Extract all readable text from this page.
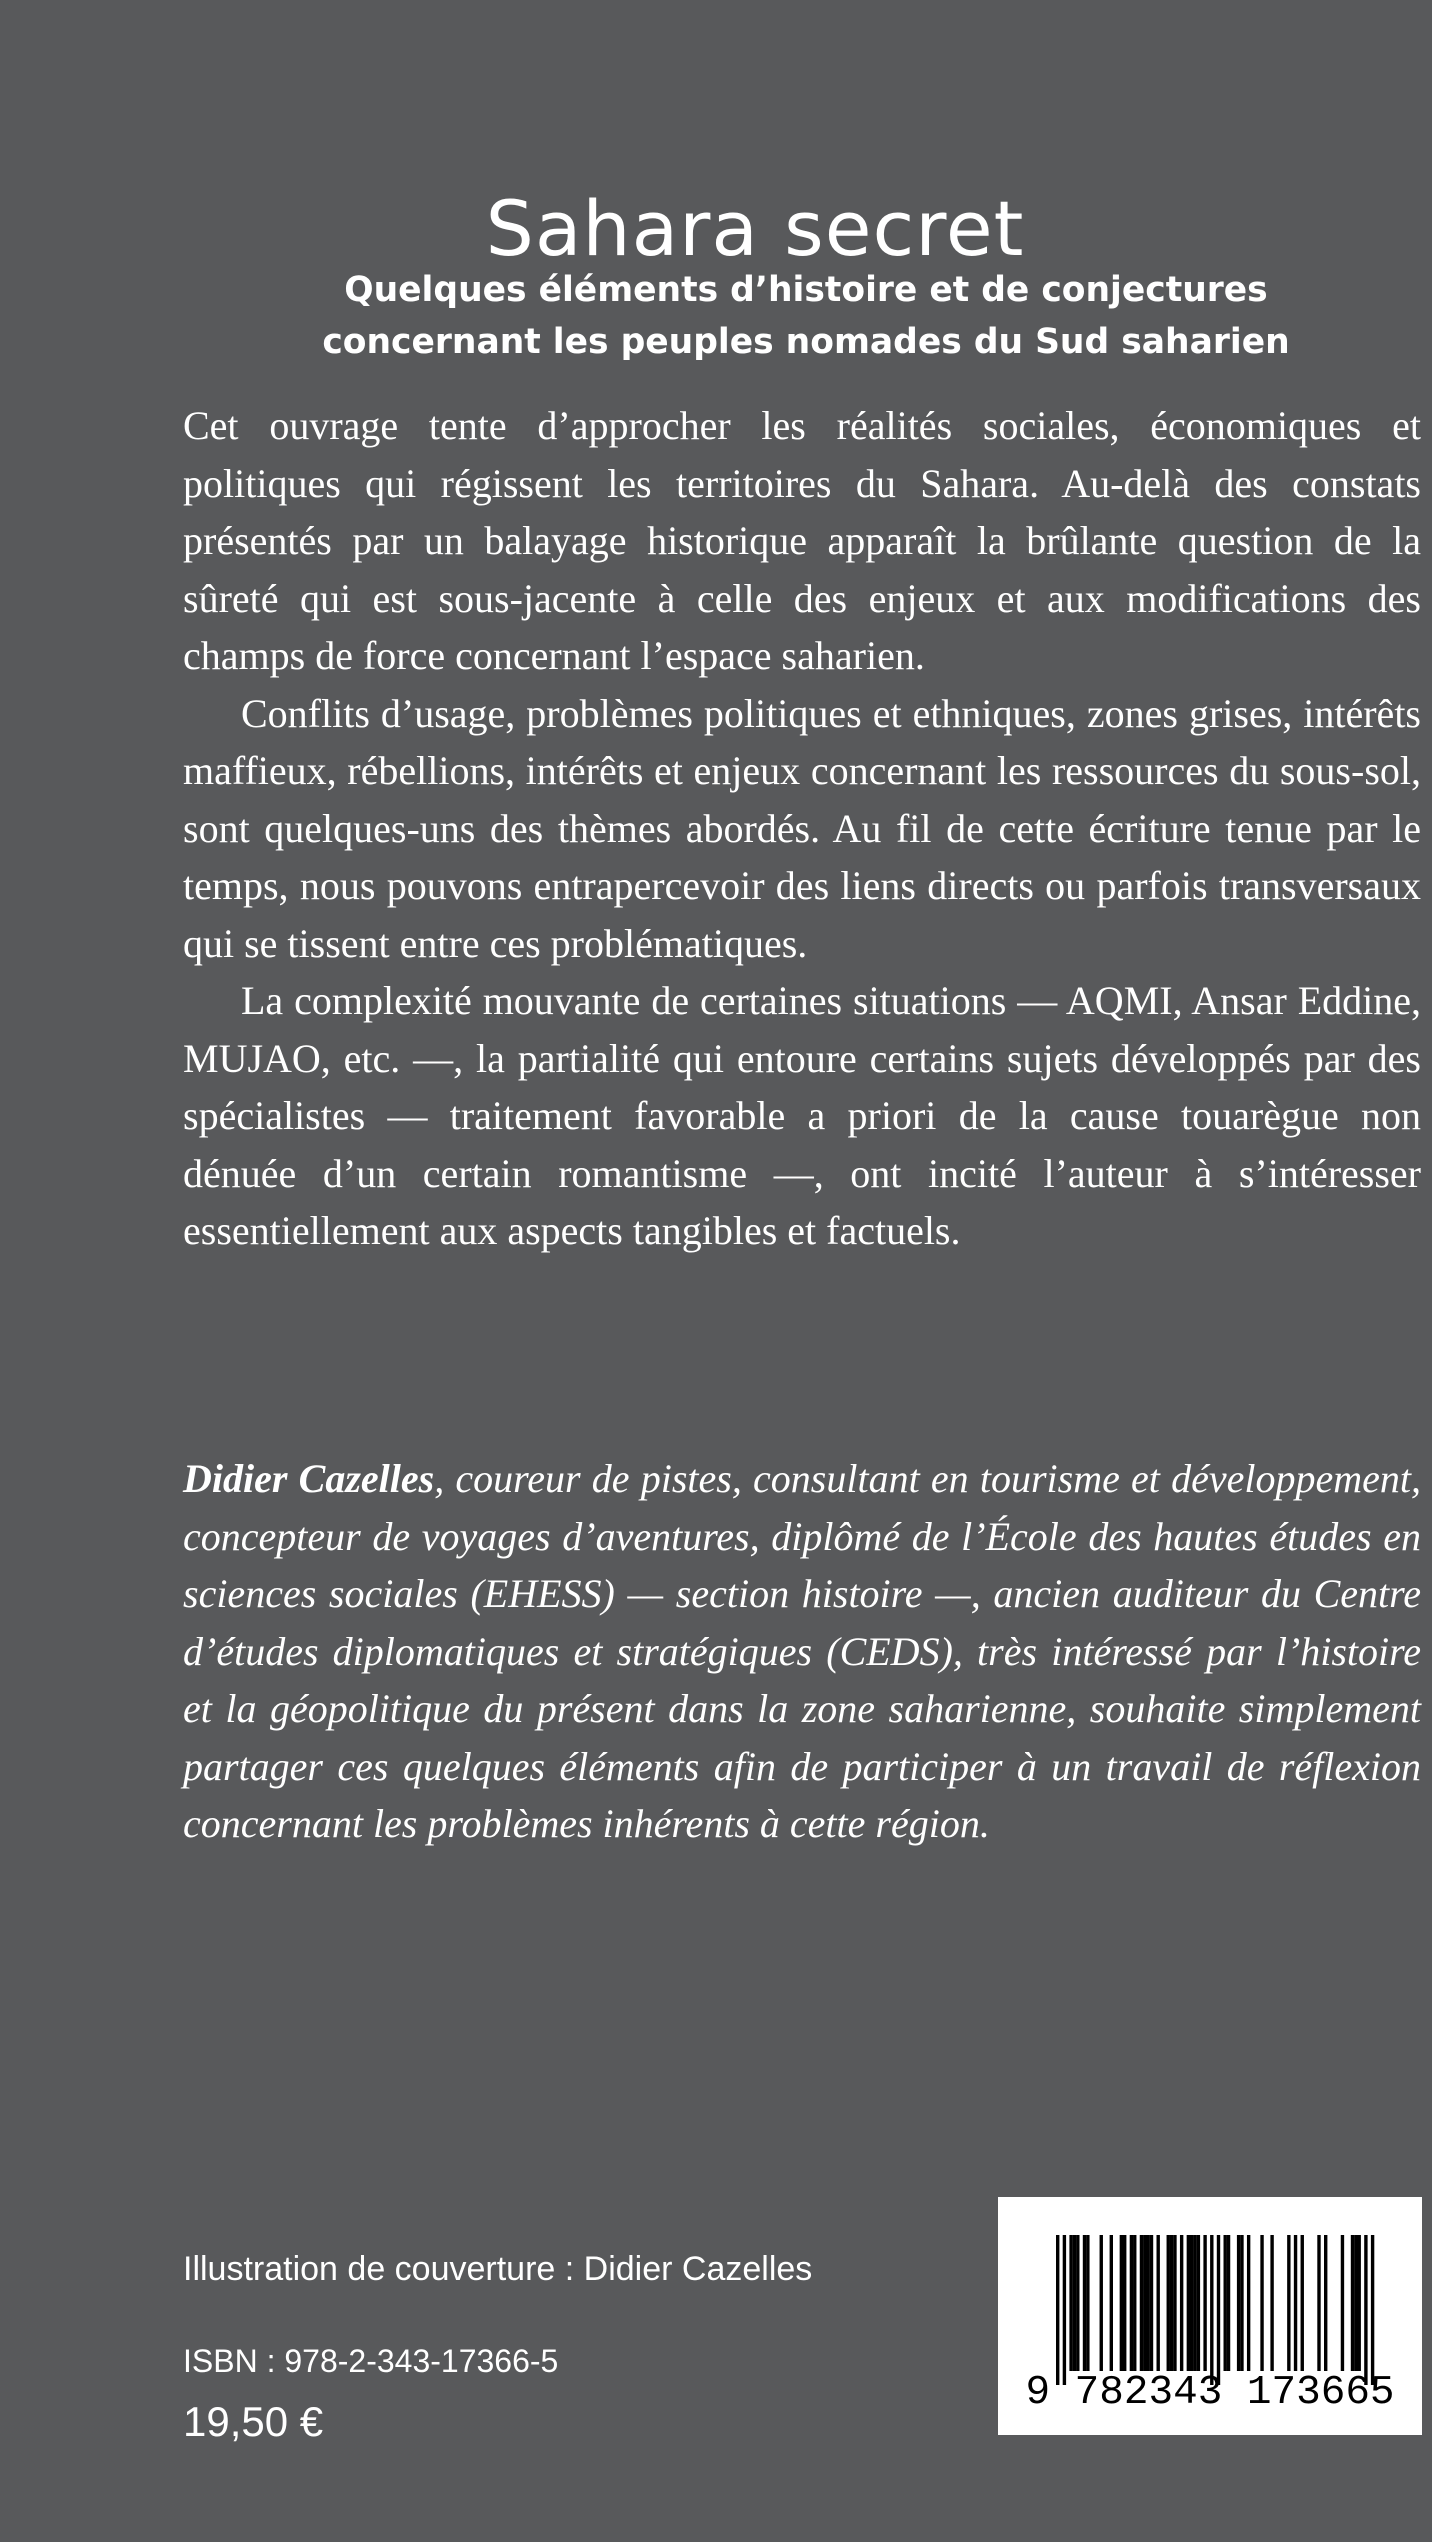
Sahara secret
Quelques éléments d’histoire et de conjectures
concernant les peuples nomades du Sud saharien

Cet ouvrage tente d’approcher les réalités sociales, économiques et politiques qui régissent les territoires du Sahara. Au-delà des constats présentés par un balayage historique apparaît la brûlante question de la sûreté qui est sous-jacente à celle des enjeux et aux modifications des champs de force concernant l’espace saharien.

Conflits d’usage, problèmes politiques et ethniques, zones grises, intérêts maffieux, rébellions, intérêts et enjeux concernant les ressources du sous-sol, sont quelques-uns des thèmes abordés. Au fil de cette écriture tenue par le temps, nous pouvons entrapercevoir des liens directs ou parfois transversaux qui se tissent entre ces problématiques.

La complexité mouvante de certaines situations — AQMI, Ansar Eddine, MUJAO, etc. —, la partialité qui entoure certains sujets développés par des spécialistes — traitement favorable a priori de la cause touarègue non dénuée d’un certain romantisme —, ont incité l’auteur à s’intéresser essentiellement aux aspects tangibles et factuels.

Didier Cazelles, coureur de pistes, consultant en tourisme et développement, concepteur de voyages d’aventures, diplômé de l’École des hautes études en sciences sociales (EHESS) — section histoire —, ancien auditeur du Centre d’études diplomatiques et stratégiques (CEDS), très intéressé par l’histoire et la géopolitique du présent dans la zone saharienne, souhaite simplement partager ces quelques éléments afin de participer à un travail de réflexion concernant les problèmes inhérents à cette région.

Illustration de couverture : Didier Cazelles
ISBN : 978-2-343-17366-5
19,50 €
9 782343 173665
